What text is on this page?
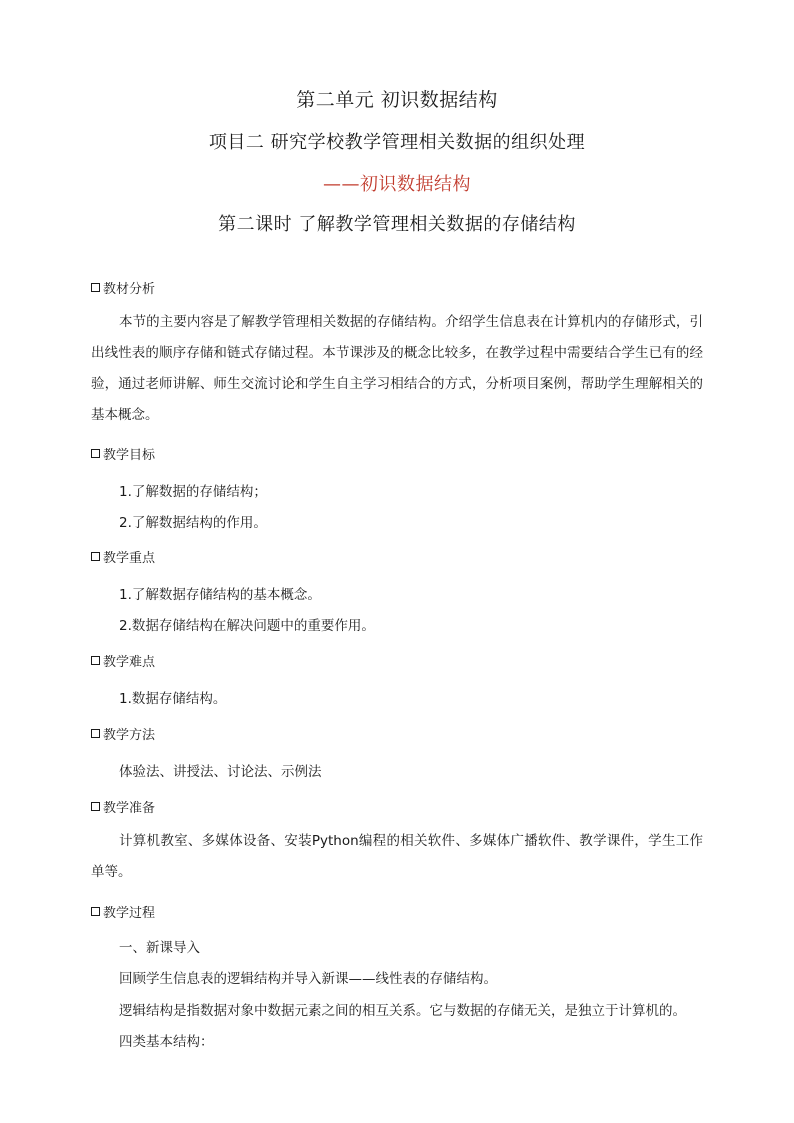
第二单元 初识数据结构
项目二 研究学校教学管理相关数据的组织处理
——初识数据结构
第二课时 了解教学管理相关数据的存储结构
教材分析
本节的主要内容是了解教学管理相关数据的存储结构。介绍学生信息表在计算机内的存储形式，引出线性表的顺序存储和链式存储过程。本节课涉及的概念比较多，在教学过程中需要结合学生已有的经验，通过老师讲解、师生交流讨论和学生自主学习相结合的方式，分析项目案例，帮助学生理解相关的基本概念。
教学目标
1.了解数据的存储结构；
2.了解数据结构的作用。
教学重点
1.了解数据存储结构的基本概念。
2.数据存储结构在解决问题中的重要作用。
教学难点
1.数据存储结构。
教学方法
体验法、讲授法、讨论法、示例法
教学准备
计算机教室、多媒体设备、安装Python编程的相关软件、多媒体广播软件、教学课件，学生工作单等。
教学过程
一、新课导入
回顾学生信息表的逻辑结构并导入新课——线性表的存储结构。
逻辑结构是指数据对象中数据元素之间的相互关系。它与数据的存储无关，是独立于计算机的。
四类基本结构：
